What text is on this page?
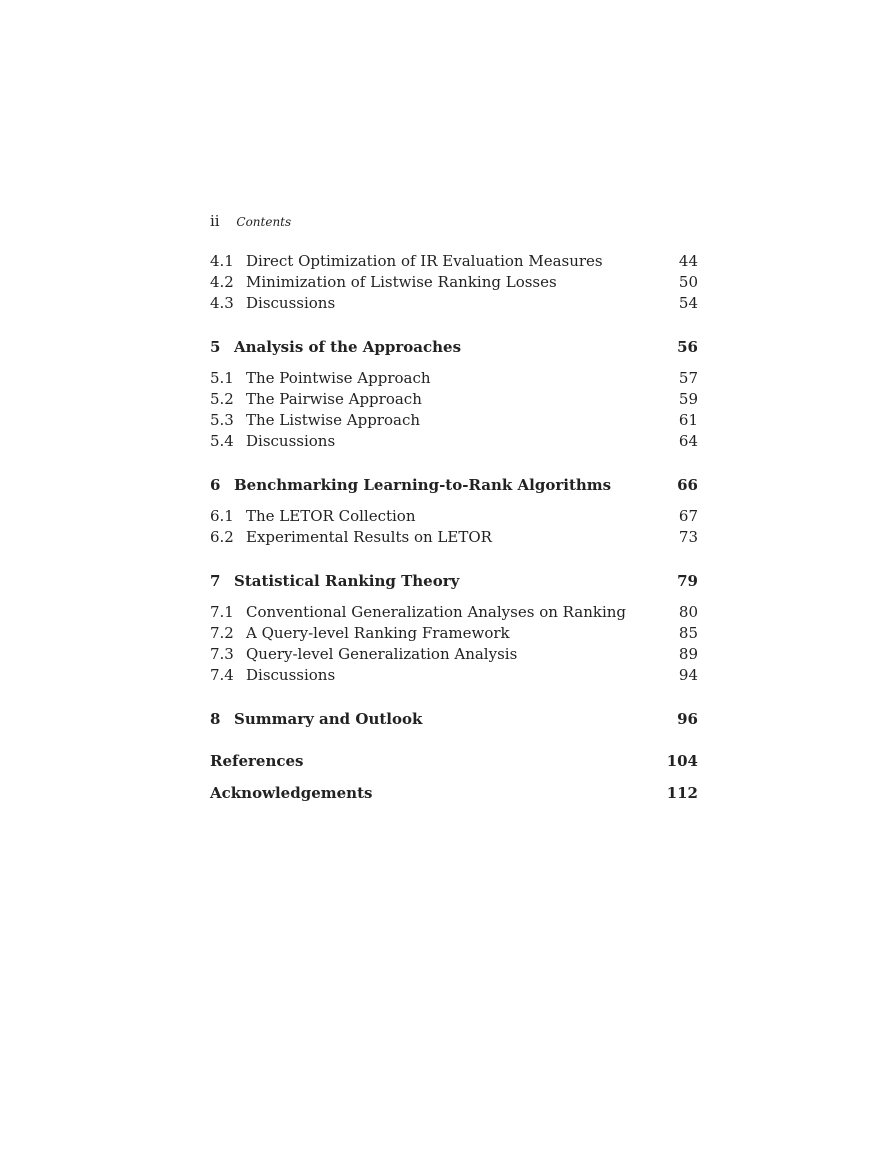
ii Contents
4.1 Direct Optimization of IR Evaluation Measures	44
4.2 Minimization of Listwise Ranking Losses	50
4.3 Discussions	54
5 Analysis of the Approaches	56
5.1 The Pointwise Approach	57
5.2 The Pairwise Approach	59
5.3 The Listwise Approach	61
5.4 Discussions	64
6 Benchmarking Learning-to-Rank Algorithms	66
6.1 The LETOR Collection	67
6.2 Experimental Results on LETOR	73
7 Statistical Ranking Theory	79
7.1 Conventional Generalization Analyses on Ranking	80
7.2 A Query-level Ranking Framework	85
7.3 Query-level Generalization Analysis	89
7.4 Discussions	94
8 Summary and Outlook	96
References	104
Acknowledgements	112
